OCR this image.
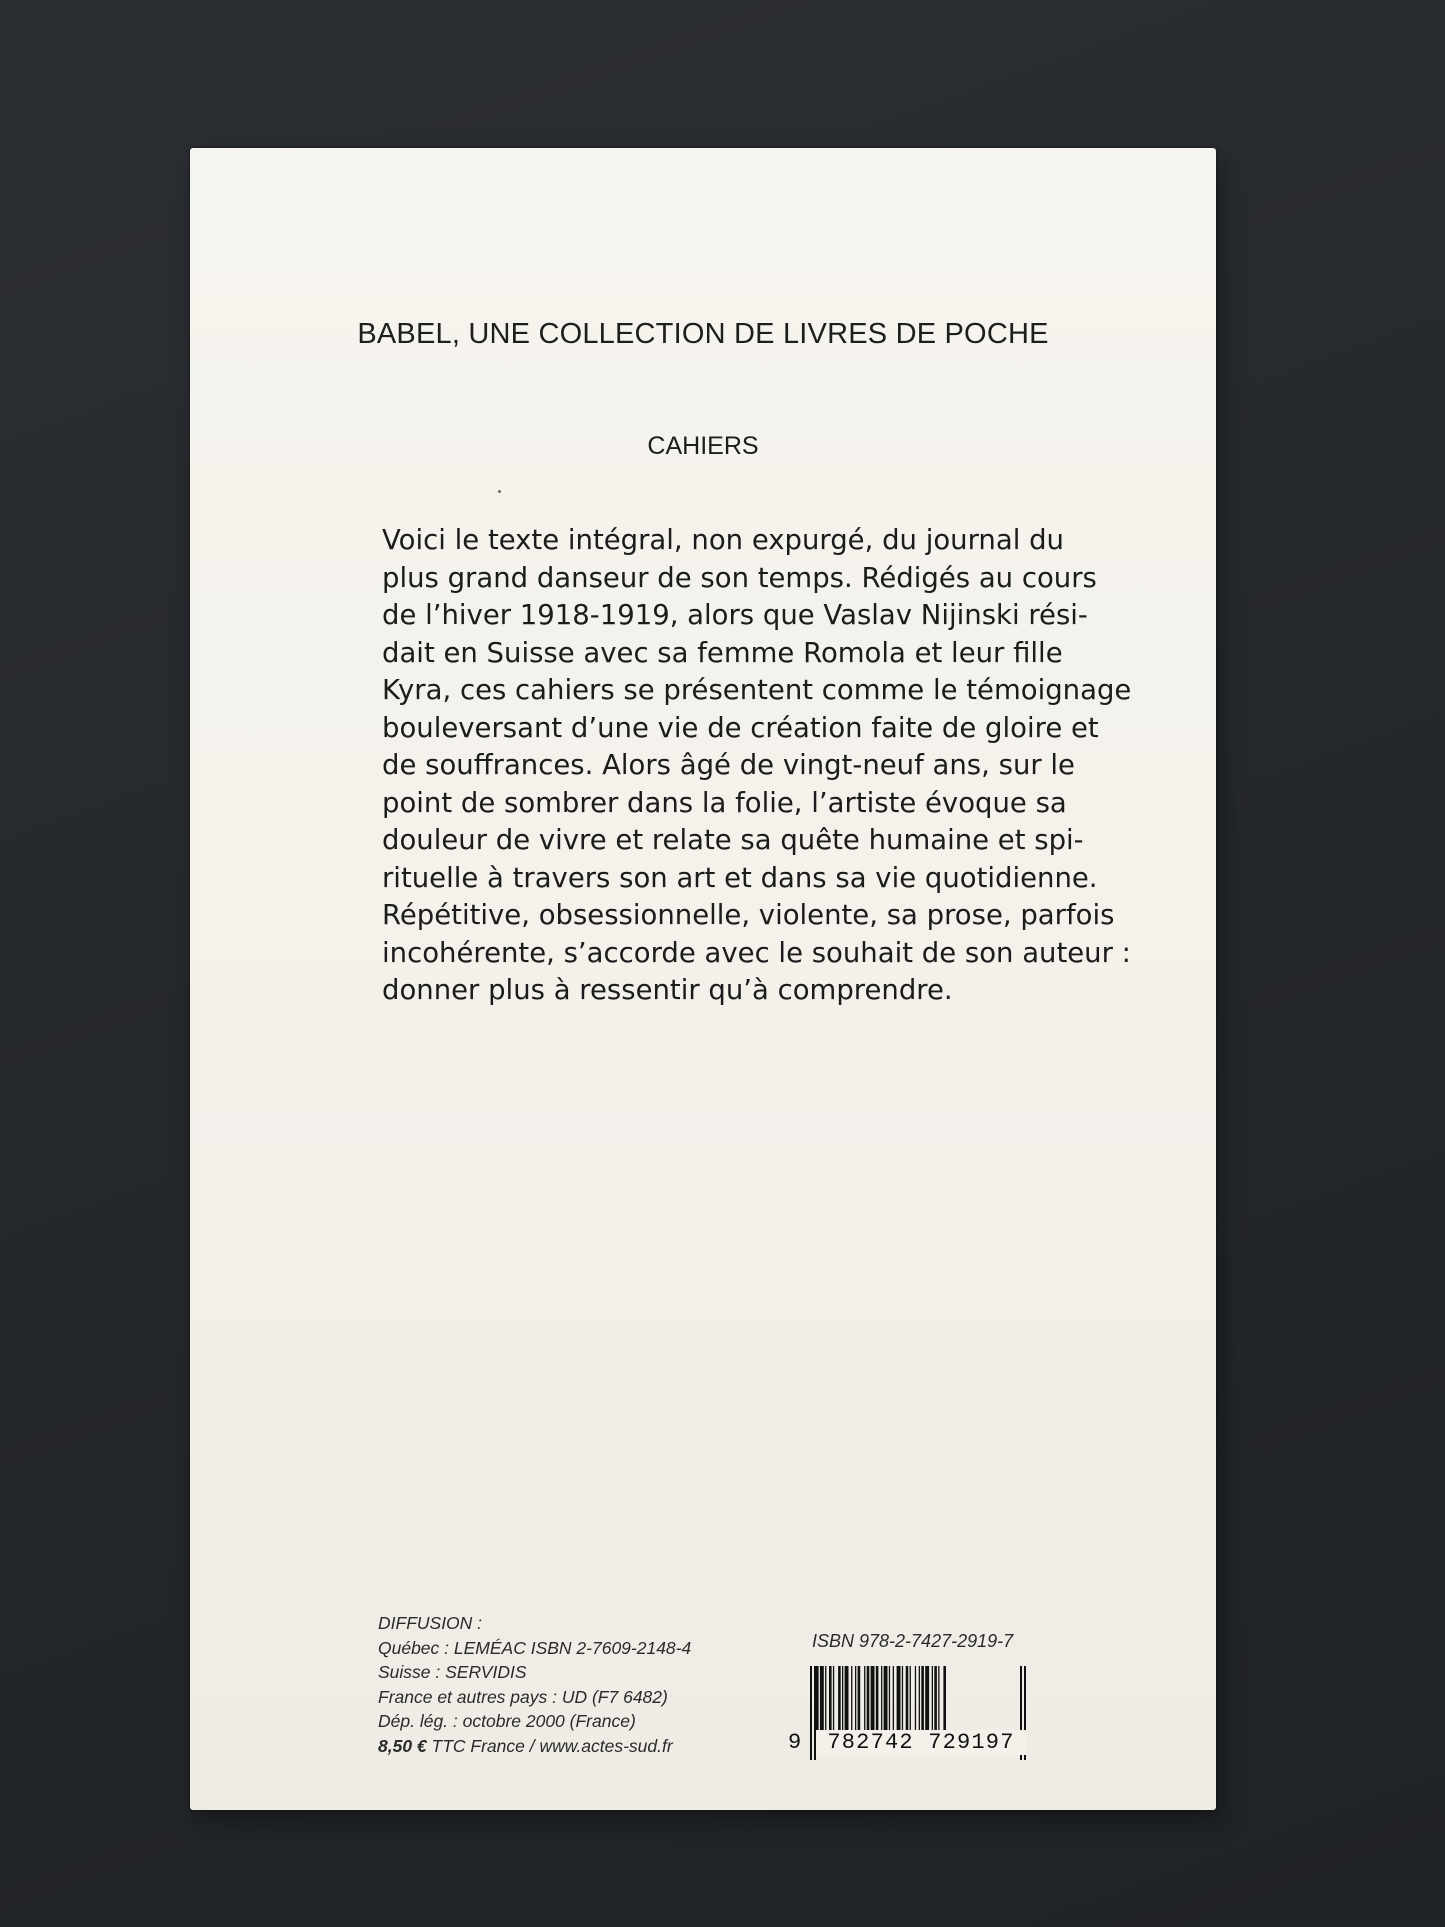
BABEL, UNE COLLECTION DE LIVRES DE POCHE
CAHIERS
Voici le texte intégral, non expurgé, du journal du
plus grand danseur de son temps. Rédigés au cours
de l’hiver 1918-1919, alors que Vaslav Nijinski rési-
dait en Suisse avec sa femme Romola et leur fille
Kyra, ces cahiers se présentent comme le témoignage
bouleversant d’une vie de création faite de gloire et
de souffrances. Alors âgé de vingt-neuf ans, sur le
point de sombrer dans la folie, l’artiste évoque sa
douleur de vivre et relate sa quête humaine et spi-
rituelle à travers son art et dans sa vie quotidienne.
Répétitive, obsessionnelle, violente, sa prose, parfois
incohérente, s’accorde avec le souhait de son auteur :
donner plus à ressentir qu’à comprendre.
DIFFUSION :
Québec : LEMÉAC ISBN 2-7609-2148-4
Suisse : SERVIDIS
France et autres pays : UD (F7 6482)
Dép. lég. : octobre 2000 (France)
8,50 € TTC France / www.actes-sud.fr
ISBN 978-2-7427-2919-7
9	782742 729197
